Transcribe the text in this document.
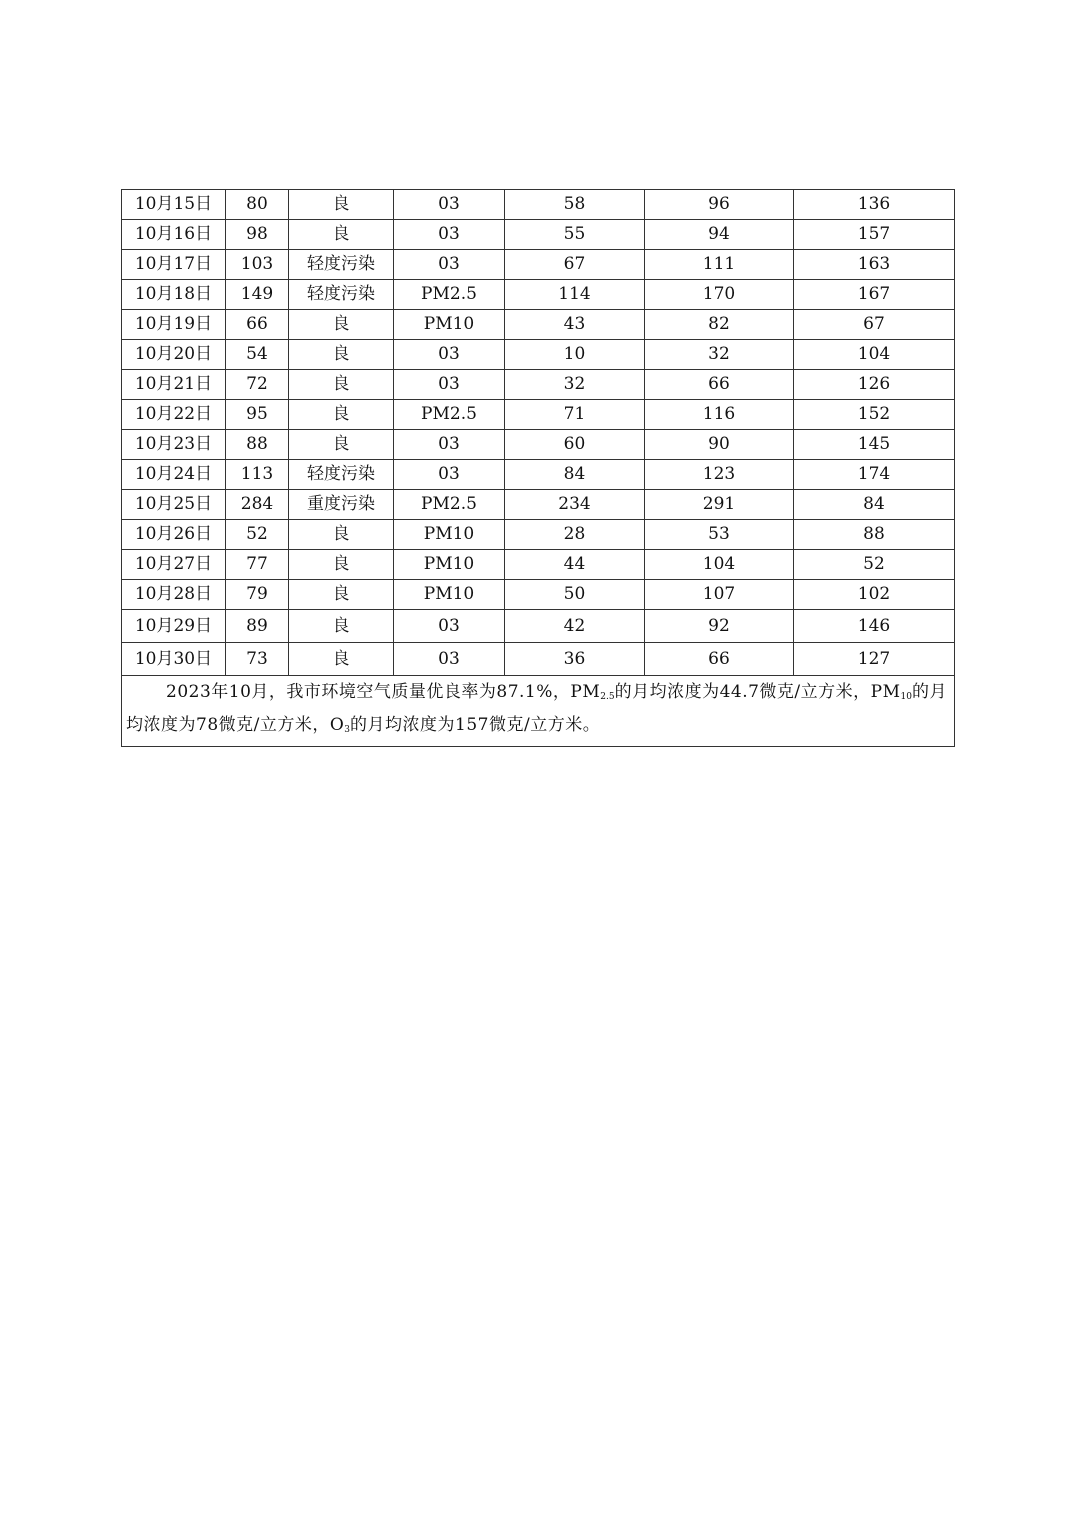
10月15日	80	良	03	58	96	136
10月16日	98	良	03	55	94	157
10月17日	103	轻度污染	03	67	111	163
10月18日	149	轻度污染	PM2.5	114	170	167
10月19日	66	良	PM10	43	82	67
10月20日	54	良	03	10	32	104
10月21日	72	良	03	32	66	126
10月22日	95	良	PM2.5	71	116	152
10月23日	88	良	03	60	90	145
10月24日	113	轻度污染	03	84	123	174
10月25日	284	重度污染	PM2.5	234	291	84
10月26日	52	良	PM10	28	53	88
10月27日	77	良	PM10	44	104	52
10月28日	79	良	PM10	50	107	102
10月29日	89	良	03	42	92	146
10月30日	73	良	03	36	66	127
2023年10月，我市环境空气质量优良率为87.1%，$PM_{2.5}$的月均浓度为44.7微克/立方米，$PM_{10}$的月均浓度为78微克/立方米，$O_3$的月均浓度为157微克/立方米。						
